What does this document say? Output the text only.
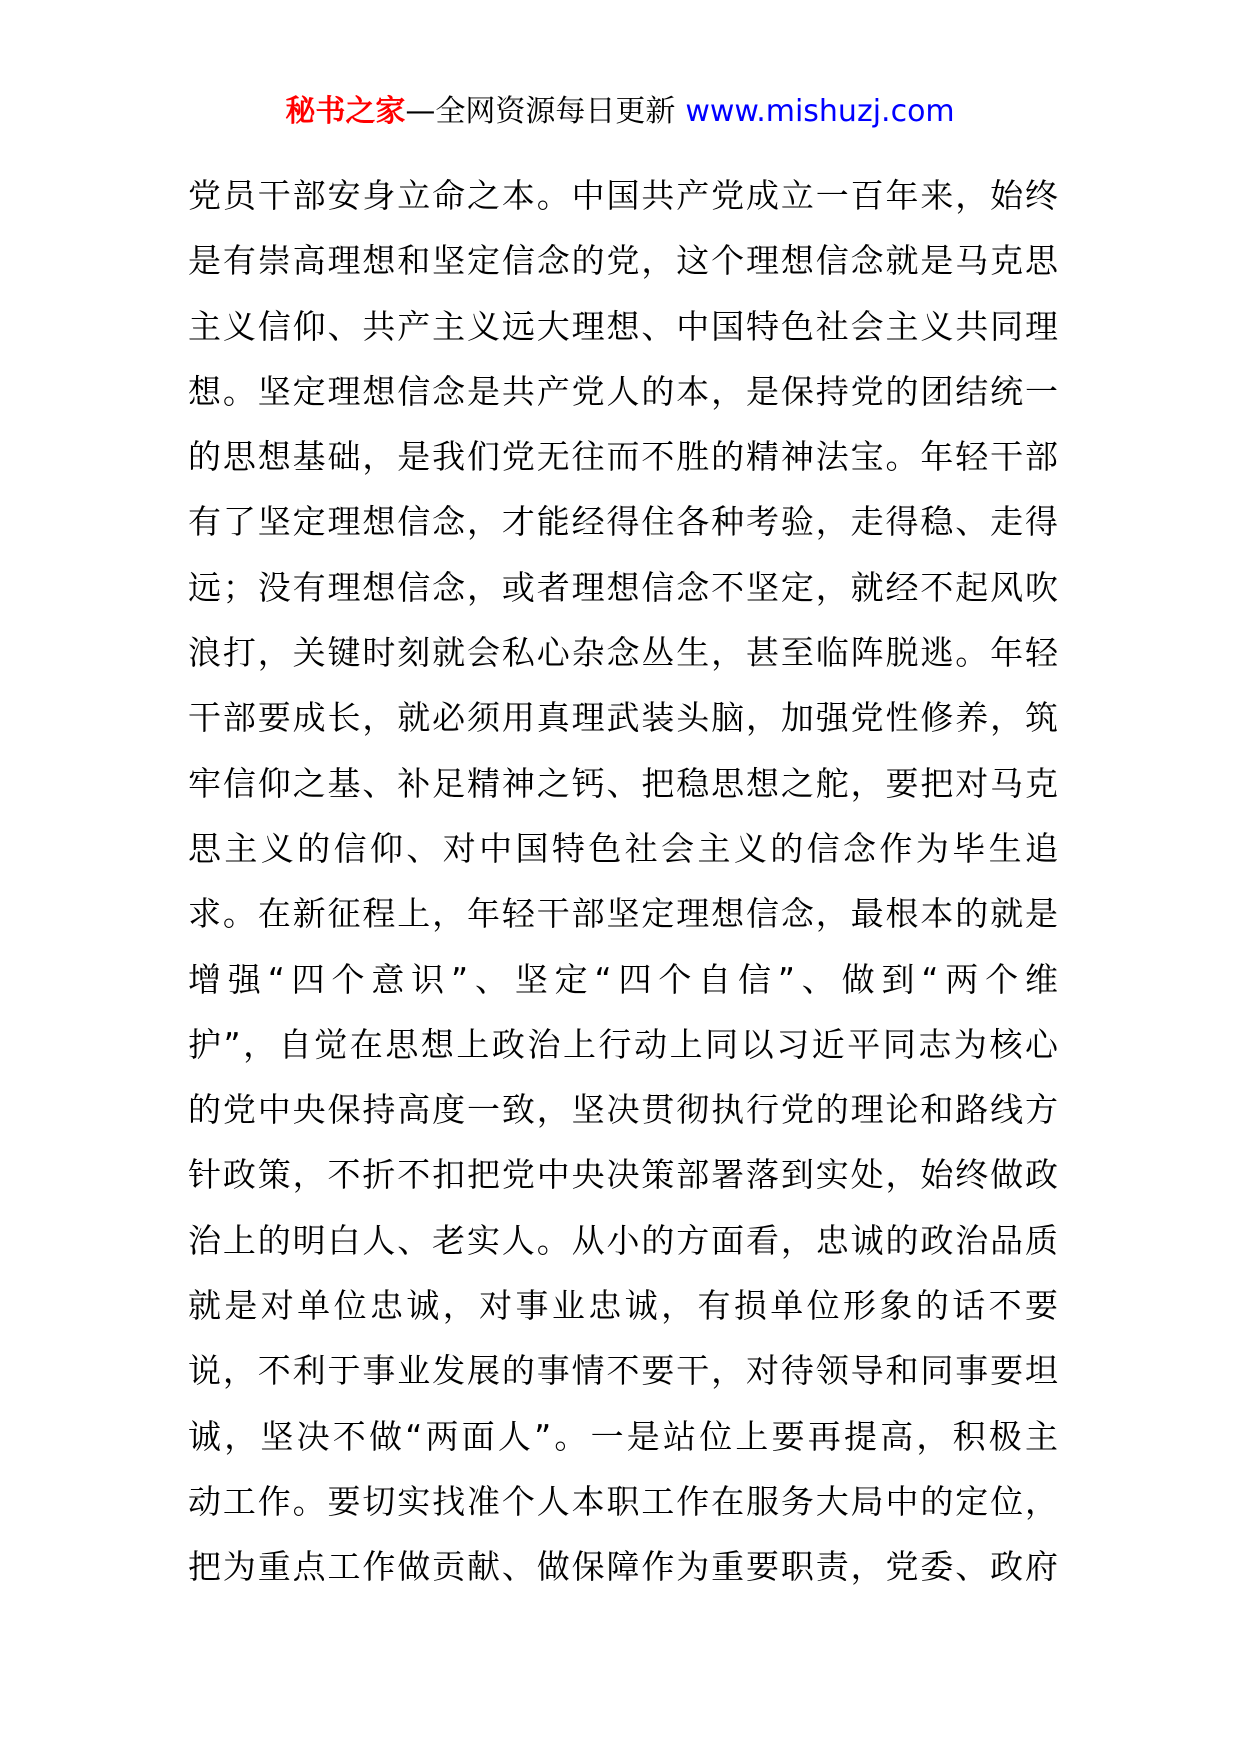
秘书之家—全网资源每日更新 www.mishuzj.com
党员干部安身立命之本。中国共产党成立一百年来，始终
是有崇高理想和坚定信念的党，这个理想信念就是马克思
主义信仰、共产主义远大理想、中国特色社会主义共同理
想。坚定理想信念是共产党人的本，是保持党的团结统一
的思想基础，是我们党无往而不胜的精神法宝。年轻干部
有了坚定理想信念，才能经得住各种考验，走得稳、走得
远；没有理想信念，或者理想信念不坚定，就经不起风吹
浪打，关键时刻就会私心杂念丛生，甚至临阵脱逃。年轻
干部要成长，就必须用真理武装头脑，加强党性修养，筑
牢信仰之基、补足精神之钙、把稳思想之舵，要把对马克
思主义的信仰、对中国特色社会主义的信念作为毕生追
求。在新征程上，年轻干部坚定理想信念，最根本的就是
增强“四个意识”、坚定“四个自信”、做到“两个维
护”，自觉在思想上政治上行动上同以习近平同志为核心
的党中央保持高度一致，坚决贯彻执行党的理论和路线方
针政策，不折不扣把党中央决策部署落到实处，始终做政
治上的明白人、老实人。从小的方面看，忠诚的政治品质
就是对单位忠诚，对事业忠诚，有损单位形象的话不要
说，不利于事业发展的事情不要干，对待领导和同事要坦
诚，坚决不做“两面人”。一是站位上要再提高，积极主
动工作。要切实找准个人本职工作在服务大局中的定位，
把为重点工作做贡献、做保障作为重要职责，党委、政府
